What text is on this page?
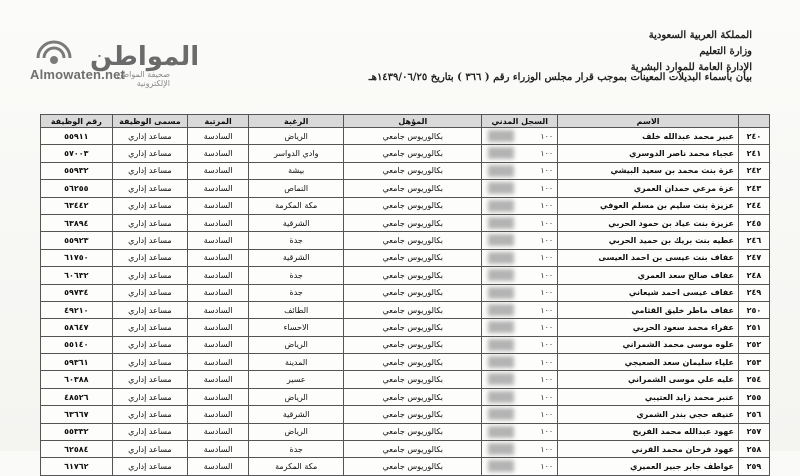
المواطن
صحيفة المواطن الإلكترونية
Almowaten.net
المملكة العربية السعودية
وزارة التعليم
الإدارة العامة للموارد البشرية
بيان بأسماء البديلات المعينات بموجب قرار مجلس الوزراء رقم ( ٣٦٦ ) بتاريخ ١٤٣٩/٠٦/٢٥هـ
	الاسم	السجل المدني	المؤهل	الرغبة	المرتبة	مسمى الوظيفة	رقم الوظيفة
٢٤٠	عبير محمد عبدالله خلف	١٠٠	بكالوريوس جامعي	الرياض	السادسة	مساعد إداري	٥٥٩١١
٢٤١	عجباء محمد ناصر الدوسري	١٠٠	بكالوريوس جامعي	وادي الدواسر	السادسة	مساعد إداري	٥٧٠٠٣
٢٤٢	عزة بنت محمد بن سعيد البيشي	١٠٠	بكالوريوس جامعي	بيشة	السادسة	مساعد إداري	٥٥٩٣٢
٢٤٣	عزة مرعي حمدان العمري	١٠٠	بكالوريوس جامعي	النماص	السادسة	مساعد إداري	٥٦٢٥٥
٢٤٤	عزيزة بنت سليم بن مسلم العوفي	١٠٠	بكالوريوس جامعي	مكة المكرمة	السادسة	مساعد إداري	٦٣٤٤٢
٢٤٥	عزيزة بنت عياد بن حمود الحربي	١٠٠	بكالوريوس جامعي	الشرقية	السادسة	مساعد إداري	٦٣٨٩٤
٢٤٦	عطيه بنت بريك بن حميد الحربي	١٠٠	بكالوريوس جامعي	جدة	السادسة	مساعد إداري	٥٥٩٢٣
٢٤٧	عفاف بنت عيسى بن احمد العيسى	١٠٠	بكالوريوس جامعي	الشرقية	السادسة	مساعد إداري	٦١٧٥٠
٢٤٨	عفاف صالح سعد العمري	١٠٠	بكالوريوس جامعي	جدة	السادسة	مساعد إداري	٦٠٦٣٢
٢٤٩	عفاف عيسى احمد شيعاني	١٠٠	بكالوريوس جامعي	جدة	السادسة	مساعد إداري	٥٩٧٣٤
٢٥٠	عفاف ماطر خليق القثامي	١٠٠	بكالوريوس جامعي	الطائف	السادسة	مساعد إداري	٤٩٢١٠
٢٥١	عفراء محمد سعود الحربي	١٠٠	بكالوريوس جامعي	الاحساء	السادسة	مساعد إداري	٥٨٦٤٧
٢٥٢	علوه موسى محمد الشمراني	١٠٠	بكالوريوس جامعي	الرياض	السادسة	مساعد إداري	٥٥١٤٠
٢٥٣	علياء سليمان سعد الصعيجي	١٠٠	بكالوريوس جامعي	المدينة	السادسة	مساعد إداري	٥٩٣٦١
٢٥٤	عليه علي موسى الشمراني	١٠٠	بكالوريوس جامعي	عسير	السادسة	مساعد إداري	٦٠٣٨٨
٢٥٥	عنبر محمد زايد العتيبي	١٠٠	بكالوريوس جامعي	الرياض	السادسة	مساعد إداري	٤٨٥٢٦
٢٥٦	عنيفه حجي بندر الشمري	١٠٠	بكالوريوس جامعي	الشرقية	السادسة	مساعد إداري	٦٣٦٦٧
٢٥٧	عهود عبدالله محمد الفريح	١٠٠	بكالوريوس جامعي	الرياض	السادسة	مساعد إداري	٥٥٣٣٢
٢٥٨	عهود فرحان محمد القرني	١٠٠	بكالوريوس جامعي	جدة	السادسة	مساعد إداري	٦٢٥٨٤
٢٥٩	عواطف جابر جبير العميري	١٠٠	بكالوريوس جامعي	مكة المكرمة	السادسة	مساعد إداري	٦١٧٦٢
